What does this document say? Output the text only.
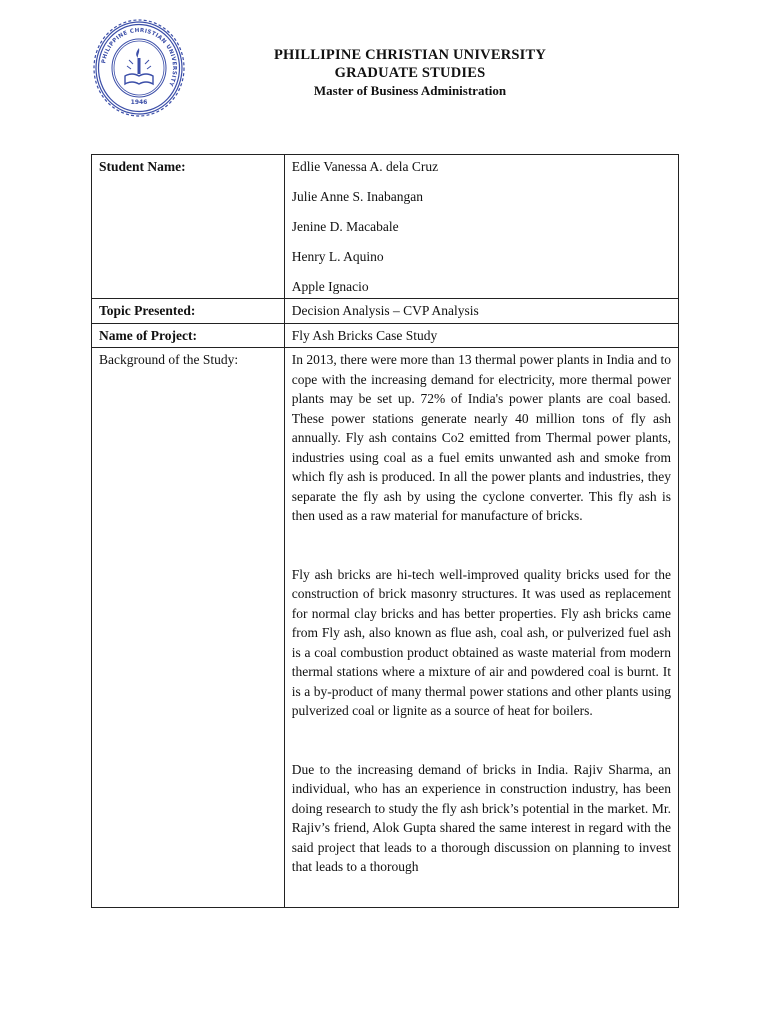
PHILIPPINE CHRISTIAN UNIVERSITY
1946
PHILLIPINE CHRISTIAN UNIVERSITY
GRADUATE STUDIES
Master of Business Administration
Student Name:	Edlie Vanessa A. dela Cruz

Julie Anne S. Inabangan

Jenine D. Macabale

Henry L. Aquino

Apple Ignacio

Topic Presented:	Decision Analysis – CVP Analysis
Name of Project:	Fly Ash Bricks Case Study
Background of the Study:	In 2013, there were more than 13 thermal power plants in India and to cope with the increasing demand for electricity, more thermal power plants may be set up. 72% of India's power plants are coal based. These power stations generate nearly 40 million tons of fly ash annually. Fly ash contains Co2 emitted from Thermal power plants, industries using coal as a fuel emits unwanted ash and smoke from which fly ash is produced. In all the power plants and industries, they separate the fly ash by using the cyclone converter. This fly ash is then used as a raw material for manufacture of bricks.

Fly ash bricks are hi-tech well-improved quality bricks used for the construction of brick masonry structures. It was used as replacement for normal clay bricks and has better properties. Fly ash bricks came from Fly ash, also known as flue ash, coal ash, or pulverized fuel ash is a coal combustion product obtained as waste material from modern thermal stations where a mixture of air and powdered coal is burnt. It is a by-product of many thermal power stations and other plants using pulverized coal or lignite as a source of heat for boilers.

Due to the increasing demand of bricks in India. Rajiv Sharma, an individual, who has an experience in construction industry, has been doing research to study the fly ash brick’s potential in the market. Mr. Rajiv’s friend, Alok Gupta shared the same interest in regard with the said project that leads to a thorough discussion on planning to invest that leads to a thorough
